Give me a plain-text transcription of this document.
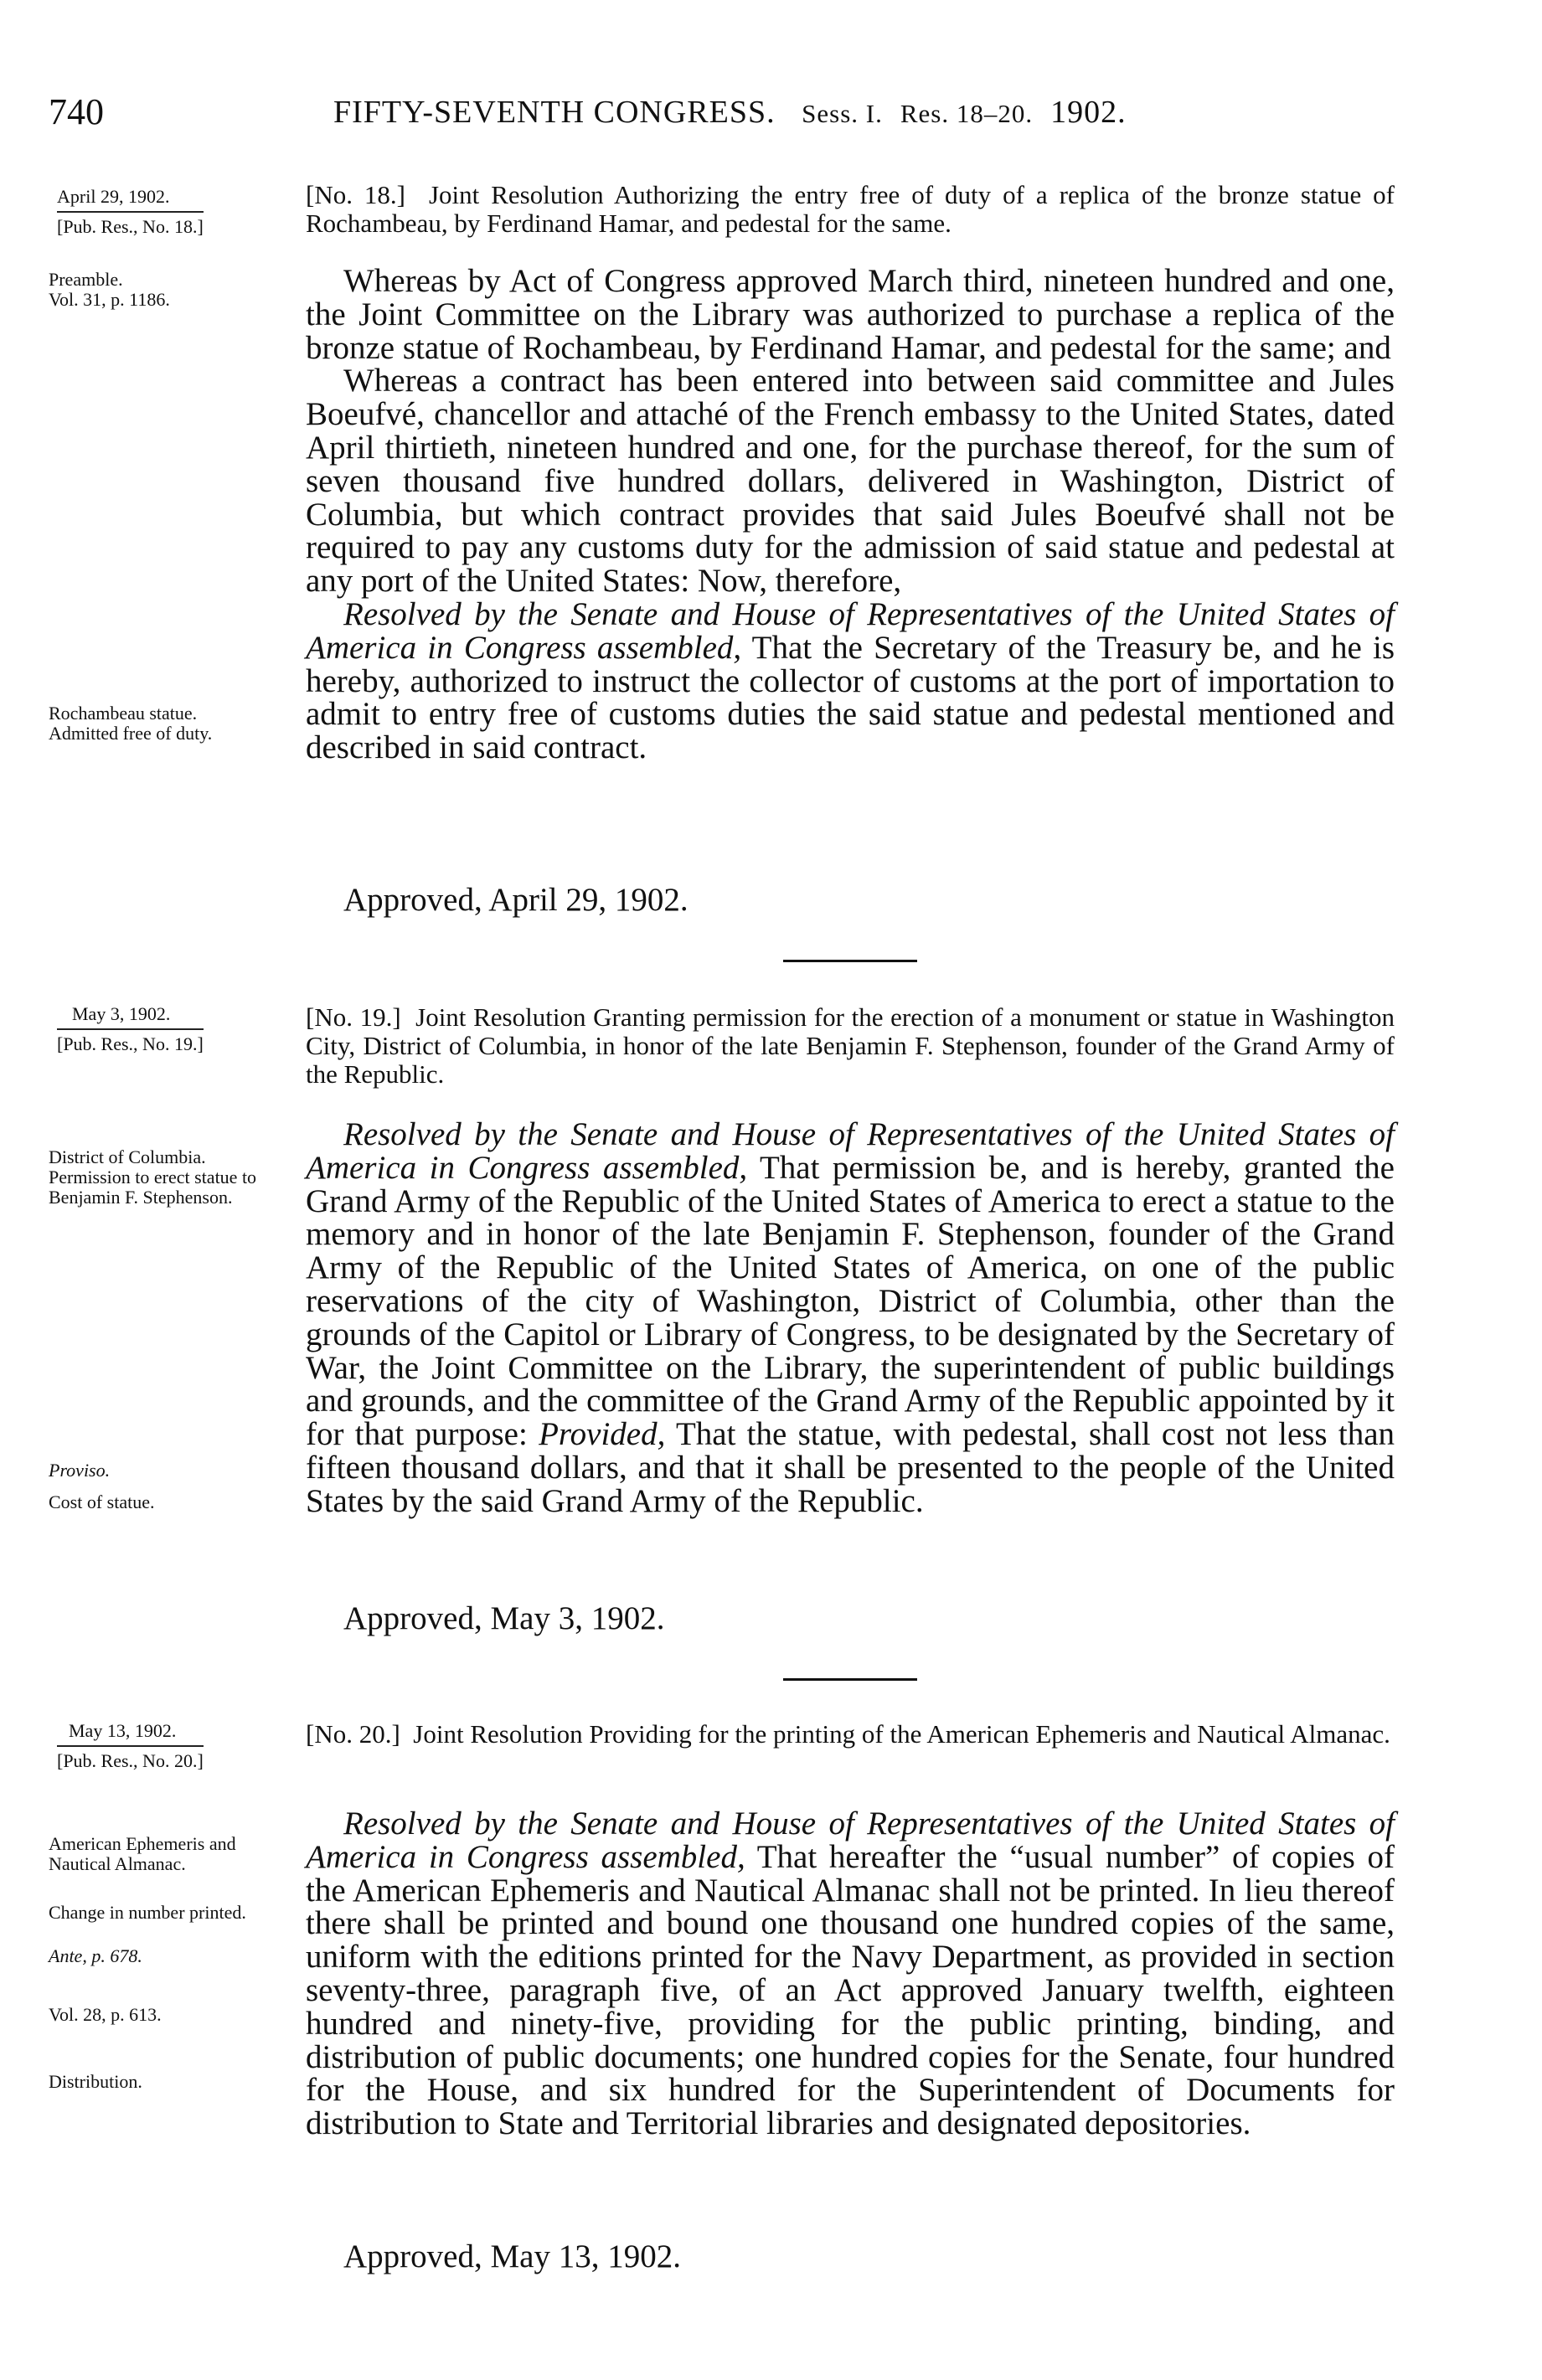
740	FIFTY-SEVENTH CONGRESS. Sess. I. Res. 18–20. 1902.
April 29, 1902.
[Pub. Res., No. 18.]
[No. 18.] Joint Resolution Authorizing the entry free of duty of a replica of the bronze statue of Rochambeau, by Ferdinand Hamar, and pedestal for the same.
Preamble.
Vol. 31, p. 1186.
Rochambeau statue.
Admitted free of duty.

Whereas by Act of Congress approved March third, nineteen hundred and one, the Joint Committee on the Library was authorized to purchase a replica of the bronze statue of Rochambeau, by Ferdinand Hamar, and pedestal for the same; and

Whereas a contract has been entered into between said committee and Jules Boeufvé, chancellor and attaché of the French embassy to the United States, dated April thirtieth, nineteen hundred and one, for the purchase thereof, for the sum of seven thousand five hundred dollars, delivered in Washington, District of Columbia, but which contract provides that said Jules Boeufvé shall not be required to pay any customs duty for the admission of said statue and pedestal at any port of the United States: Now, therefore,

Resolved by the Senate and House of Representatives of the United States of America in Congress assembled, That the Secretary of the Treasury be, and he is hereby, authorized to instruct the collector of customs at the port of importation to admit to entry free of customs duties the said statue and pedestal mentioned and described in said contract.

Approved, April 29, 1902.
May 3, 1902.
[Pub. Res., No. 19.]
[No. 19.] Joint Resolution Granting permission for the erection of a monument or statue in Washington City, District of Columbia, in honor of the late Benjamin F. Stephenson, founder of the Grand Army of the Republic.
District of Columbia.
Permission to erect statue to Benjamin F. Stephenson.
Proviso.
Cost of statue.

Resolved by the Senate and House of Representatives of the United States of America in Congress assembled, That permission be, and is hereby, granted the Grand Army of the Republic of the United States of America to erect a statue to the memory and in honor of the late Benjamin F. Stephenson, founder of the Grand Army of the Republic of the United States of America, on one of the public reservations of the city of Washington, District of Columbia, other than the grounds of the Capitol or Library of Congress, to be designated by the Secretary of War, the Joint Committee on the Library, the superintendent of public buildings and grounds, and the committee of the Grand Army of the Republic appointed by it for that purpose: Provided, That the statue, with pedestal, shall cost not less than fifteen thousand dollars, and that it shall be presented to the people of the United States by the said Grand Army of the Republic.

Approved, May 3, 1902.
May 13, 1902.
[Pub. Res., No. 20.]
[No. 20.] Joint Resolution Providing for the printing of the American Ephemeris and Nautical Almanac.
American Ephemeris and Nautical Almanac.
Change in number printed.
Ante, p. 678.
Vol. 28, p. 613.
Distribution.

Resolved by the Senate and House of Representatives of the United States of America in Congress assembled, That hereafter the “usual number” of copies of the American Ephemeris and Nautical Almanac shall not be printed. In lieu thereof there shall be printed and bound one thousand one hundred copies of the same, uniform with the editions printed for the Navy Department, as provided in section seventy-three, paragraph five, of an Act approved January twelfth, eighteen hundred and ninety-five, providing for the public printing, binding, and distribution of public documents; one hundred copies for the Senate, four hundred for the House, and six hundred for the Superintendent of Documents for distribution to State and Territorial libraries and designated depositories.

Approved, May 13, 1902.
